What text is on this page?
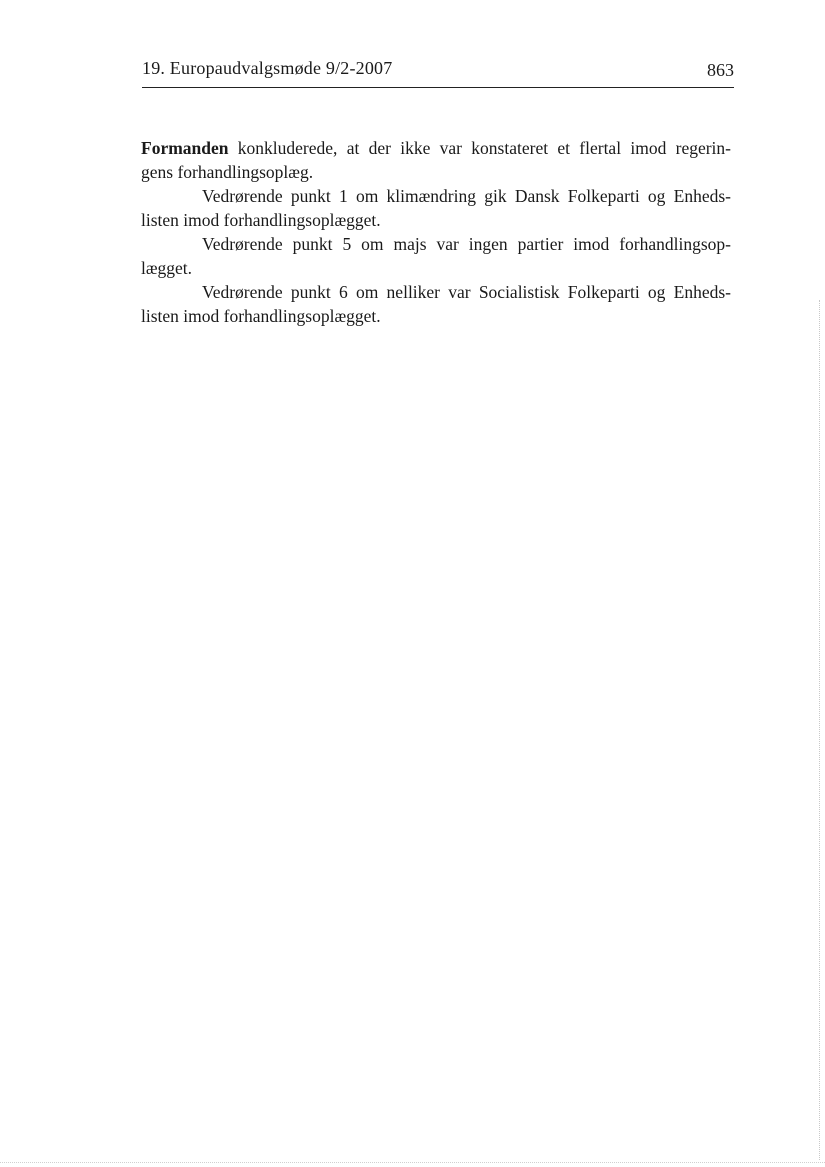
19. Europaudvalgsmøde 9/2-2007	863
Formanden konkluderede, at der ikke var konstateret et flertal imod regerin-
gens forhandlingsoplæg.
Vedrørende punkt 1 om klimændring gik Dansk Folkeparti og Enheds-
listen imod forhandlingsoplægget.
Vedrørende punkt 5 om majs var ingen partier imod forhandlingsop-
lægget.
Vedrørende punkt 6 om nelliker var Socialistisk Folkeparti og Enheds-
listen imod forhandlingsoplægget.
